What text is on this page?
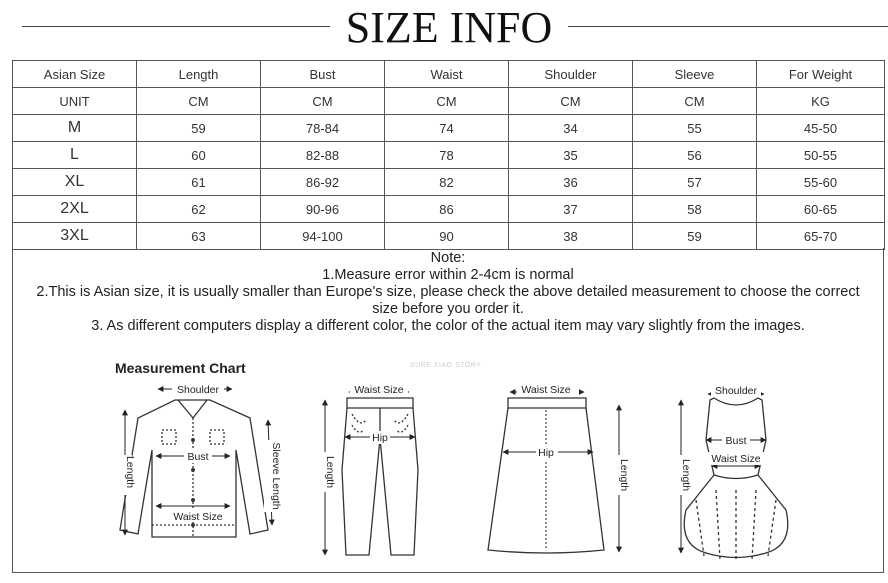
SIZE INFO
Asian Size	Length	Bust	Waist	Shoulder	Sleeve	For Weight
UNIT	CM	CM	CM	CM	CM	KG
M	59	78-84	74	34	55	45-50
L	60	82-88	78	35	56	50-55
XL	61	86-92	82	36	57	55-60
2XL	62	90-96	86	37	58	60-65
3XL	63	94-100	90	38	59	65-70

Note:

1.Measure error within 2-4cm is normal

2.This is Asian size, it is usually smaller than Europe's size, please check the above detailed measurement to choose the correct

size before you order it.

3. As different computers display a different color, the color of the actual item may vary slightly from the images.

Measurement Chart	SURE XIAO STORY
Shoulder
Bust
Waist Size
Length	Sleeve Length
Waist Size
Hip
Length
Waist Size
Hip
Length
Shoulder
Bust
Waist Size
Length
